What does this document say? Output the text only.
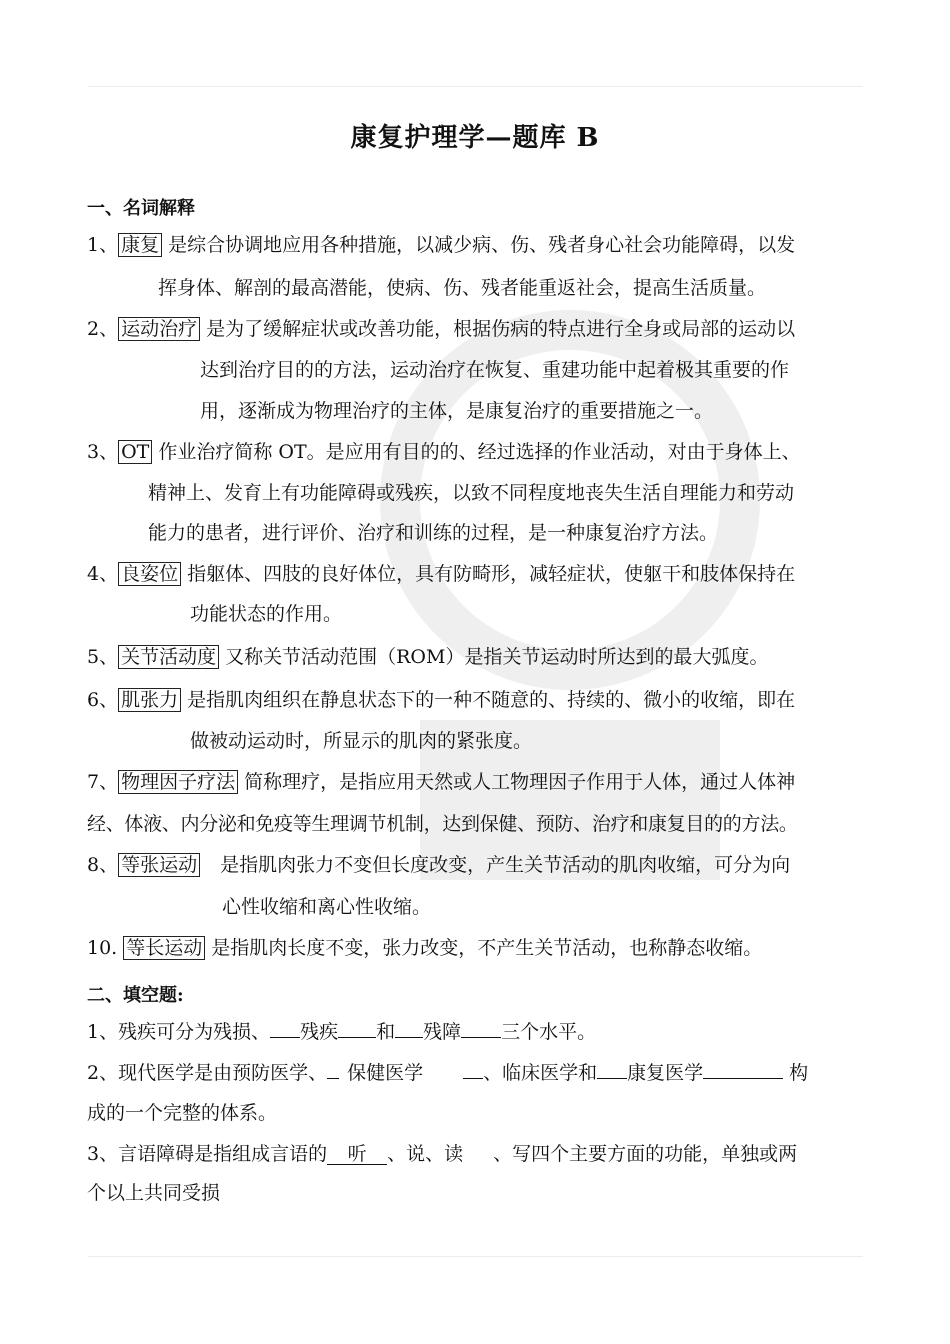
康复护理学—题库 B
一、名词解释
1、 康复 是综合协调地应用各种措施，以减少病、伤、残者身心社会功能障碍，以发
挥身体、解剖的最高潜能，使病、伤、残者能重返社会，提高生活质量。
2、 运动治疗 是为了缓解症状或改善功能，根据伤病的特点进行全身或局部的运动以
达到治疗目的的方法，运动治疗在恢复、重建功能中起着极其重要的作
用，逐渐成为物理治疗的主体，是康复治疗的重要措施之一。
3、 OT 作业治疗简称 OT。是应用有目的的、经过选择的作业活动，对由于身体上、
精神上、发育上有功能障碍或残疾，以致不同程度地丧失生活自理能力和劳动
能力的患者，进行评价、治疗和训练的过程，是一种康复治疗方法。
4、 良姿位 指躯体、四肢的良好体位，具有防畸形，减轻症状，使躯干和肢体保持在
功能状态的作用。
5、 关节活动度 又称关节活动范围（ROM）是指关节运动时所达到的最大弧度。
6、 肌张力 是指肌肉组织在静息状态下的一种不随意的、持续的、微小的收缩，即在
做被动运动时，所显示的肌肉的紧张度。
7、 物理因子疗法 简称理疗，是指应用天然或人工物理因子作用于人体，通过人体神
经、体液、内分泌和免疫等生理调节机制，达到保健、预防、治疗和康复目的的方法。
8、 等张运动 是指肌肉张力不变但长度改变，产生关节活动的肌肉收缩，可分为向
心性收缩和离心性收缩。
10. 等长运动 是指肌肉长度不变，张力改变，不产生关节活动，也称静态收缩。
二、填空题:
1、残疾可分为残损、 残疾 和 残障 三个水平。
2、现代医学是由预防医学、 保健医学	、临床医学和 康复医学	构
成的一个完整的体系。
3、言语障碍是指组成言语的 听 、说、读 、写四个主要方面的功能，单独或两
个以上共同受损
